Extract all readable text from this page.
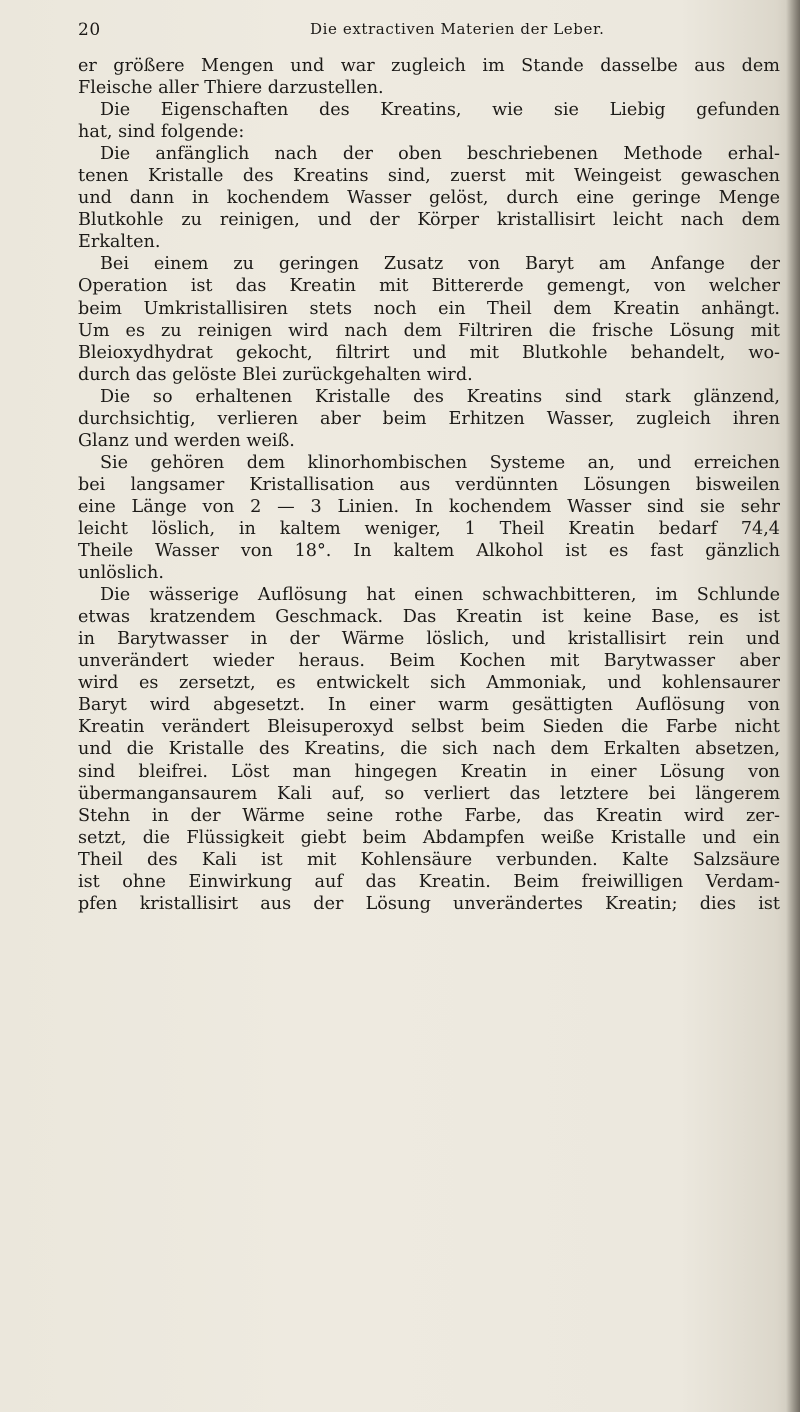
20	Die extractiven Materien der Leber.
er größere Mengen und war zugleich im Stande dasselbe aus dem
Fleische aller Thiere darzustellen.
Die Eigenschaften des Kreatins, wie sie Liebig gefunden
hat, sind folgende:
Die anfänglich nach der oben beschriebenen Methode erhal-
tenen Kristalle des Kreatins sind, zuerst mit Weingeist gewaschen
und dann in kochendem Wasser gelöst, durch eine geringe Menge
Blutkohle zu reinigen, und der Körper kristallisirt leicht nach dem
Erkalten.
Bei einem zu geringen Zusatz von Baryt am Anfange der
Operation ist das Kreatin mit Bittererde gemengt, von welcher
beim Umkristallisiren stets noch ein Theil dem Kreatin anhängt.
Um es zu reinigen wird nach dem Filtriren die frische Lösung mit
Bleioxydhydrat gekocht, filtrirt und mit Blutkohle behandelt, wo-
durch das gelöste Blei zurückgehalten wird.
Die so erhaltenen Kristalle des Kreatins sind stark glänzend,
durchsichtig, verlieren aber beim Erhitzen Wasser, zugleich ihren
Glanz und werden weiß.
Sie gehören dem klinorhombischen Systeme an, und erreichen
bei langsamer Kristallisation aus verdünnten Lösungen bisweilen
eine Länge von 2 — 3 Linien. In kochendem Wasser sind sie sehr
leicht löslich, in kaltem weniger, 1 Theil Kreatin bedarf 74,4
Theile Wasser von 18°. In kaltem Alkohol ist es fast gänzlich
unlöslich.
Die wässerige Auflösung hat einen schwachbitteren, im Schlunde
etwas kratzendem Geschmack. Das Kreatin ist keine Base, es ist
in Barytwasser in der Wärme löslich, und kristallisirt rein und
unverändert wieder heraus. Beim Kochen mit Barytwasser aber
wird es zersetzt, es entwickelt sich Ammoniak, und kohlensaurer
Baryt wird abgesetzt. In einer warm gesättigten Auflösung von
Kreatin verändert Bleisuperoxyd selbst beim Sieden die Farbe nicht
und die Kristalle des Kreatins, die sich nach dem Erkalten absetzen,
sind bleifrei. Löst man hingegen Kreatin in einer Lösung von
übermangansaurem Kali auf, so verliert das letztere bei längerem
Stehn in der Wärme seine rothe Farbe, das Kreatin wird zer-
setzt, die Flüssigkeit giebt beim Abdampfen weiße Kristalle und ein
Theil des Kali ist mit Kohlensäure verbunden. Kalte Salzsäure
ist ohne Einwirkung auf das Kreatin. Beim freiwilligen Verdam-
pfen kristallisirt aus der Lösung unverändertes Kreatin; dies ist
